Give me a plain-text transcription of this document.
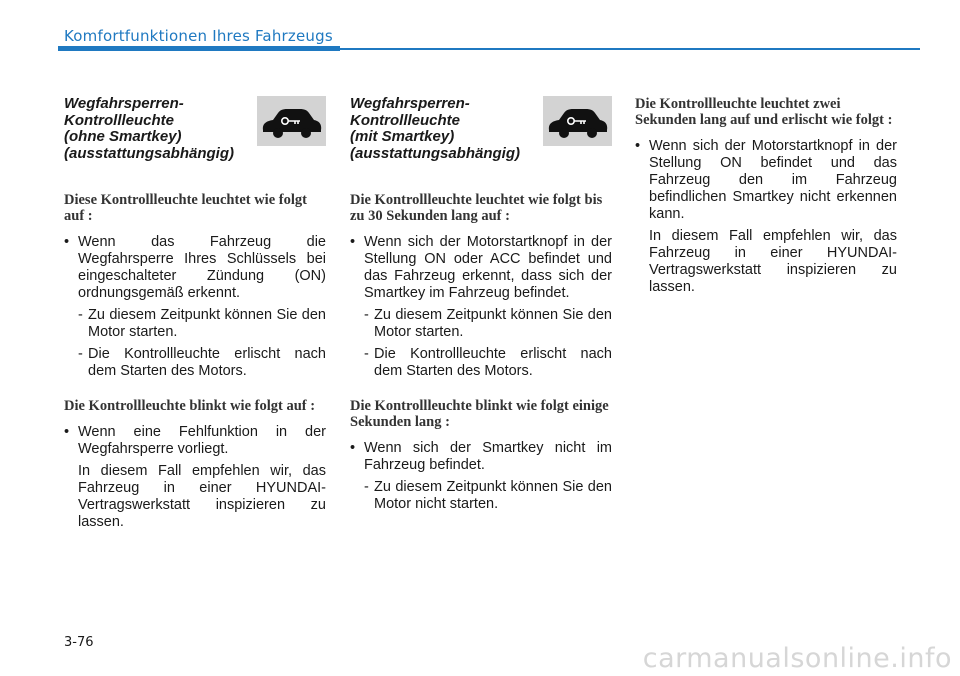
Komfortfunktionen Ihres Fahrzeugs
Wegfahrsperren-
Kontrollleuchte
(ohne Smartkey)
(ausstattungsabhängig)
Diese Kontrollleuchte leuchtet wie folgt auf :
• Wenn das Fahrzeug die Wegfahrsperre Ihres Schlüssels bei eingeschalteter Zündung (ON) ordnungsgemäß erkennt.
- Zu diesem Zeitpunkt können Sie den Motor starten.
- Die Kontrollleuchte erlischt nach dem Starten des Motors.
Die Kontrollleuchte blinkt wie folgt auf :
• Wenn eine Fehlfunktion in der Wegfahrsperre vorliegt.
In diesem Fall empfehlen wir, das Fahrzeug in einer HYUNDAI-Vertragswerkstatt inspizieren zu lassen.
Wegfahrsperren-
Kontrollleuchte
(mit Smartkey)
(ausstattungsabhängig)
Die Kontrollleuchte leuchtet wie folgt bis zu 30 Sekunden lang auf :
• Wenn sich der Motorstartknopf in der Stellung ON oder ACC befindet und das Fahrzeug erkennt, dass sich der Smartkey im Fahrzeug befindet.
- Zu diesem Zeitpunkt können Sie den Motor starten.
- Die Kontrollleuchte erlischt nach dem Starten des Motors.
Die Kontrollleuchte blinkt wie folgt einige Sekunden lang :
• Wenn sich der Smartkey nicht im Fahrzeug befindet.
- Zu diesem Zeitpunkt können Sie den Motor nicht starten.
Die Kontrollleuchte leuchtet zwei Sekunden lang auf und erlischt wie folgt :
• Wenn sich der Motorstartknopf in der Stellung ON befindet und das Fahrzeug den im Fahrzeug befindlichen Smartkey nicht erkennen kann.
In diesem Fall empfehlen wir, das Fahrzeug in einer HYUNDAI-Vertragswerkstatt inspizieren zu lassen.
3-76
carmanualsonline.info
